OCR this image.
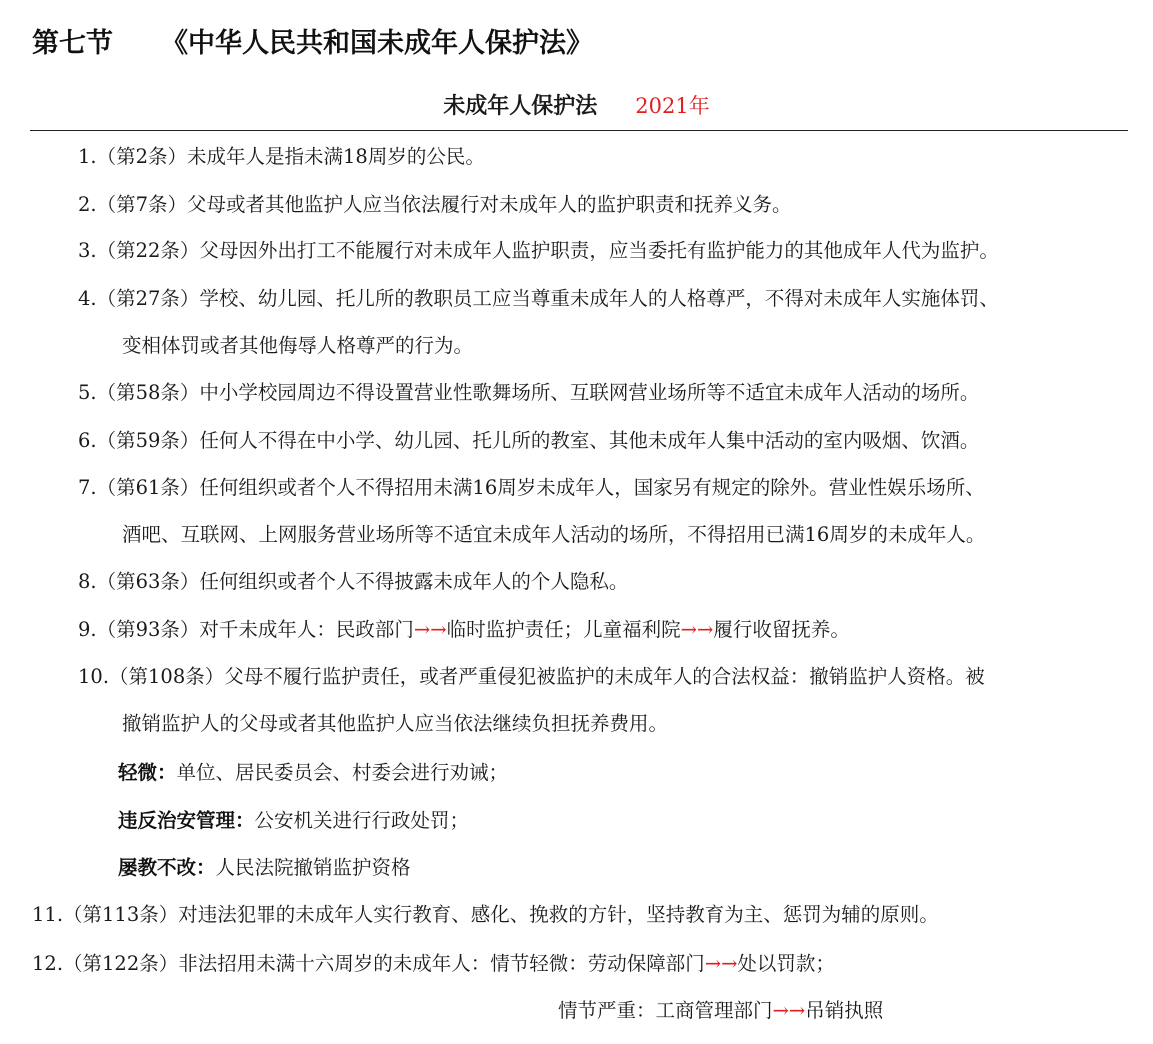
第七节 《中华人民共和国未成年人保护法》
未成年人保护法 2021年
1.（第2条）未成年人是指未满18周岁的公民。
2.（第7条）父母或者其他监护人应当依法履行对未成年人的监护职责和抚养义务。
3.（第22条）父母因外出打工不能履行对未成年人监护职责，应当委托有监护能力的其他成年人代为监护。
4.（第27条）学校、幼儿园、托儿所的教职员工应当尊重未成年人的人格尊严，不得对未成年人实施体罚、
变相体罚或者其他侮辱人格尊严的行为。
5.（第58条）中小学校园周边不得设置营业性歌舞场所、互联网营业场所等不适宜未成年人活动的场所。
6.（第59条）任何人不得在中小学、幼儿园、托儿所的教室、其他未成年人集中活动的室内吸烟、饮酒。
7.（第61条）任何组织或者个人不得招用未满16周岁未成年人，国家另有规定的除外。营业性娱乐场所、
酒吧、互联网、上网服务营业场所等不适宜未成年人活动的场所，不得招用已满16周岁的未成年人。
8.（第63条）任何组织或者个人不得披露未成年人的个人隐私。
9.（第93条）对千未成年人：民政部门→→临时监护责任；儿童福利院→→履行收留抚养。
10.（第108条）父母不履行监护责任，或者严重侵犯被监护的未成年人的合法权益：撤销监护人资格。被
撤销监护人的父母或者其他监护人应当依法继续负担抚养费用。
轻微：单位、居民委员会、村委会进行劝诫；
违反治安管理：公安机关进行行政处罚；
屡教不改：人民法院撤销监护资格
11.（第113条）对违法犯罪的未成年人实行教育、感化、挽救的方针，坚持教育为主、惩罚为辅的原则。
12.（第122条）非法招用未满十六周岁的未成年人：情节轻微：劳动保障部门→→处以罚款；
情节严重：工商管理部门→→吊销执照
